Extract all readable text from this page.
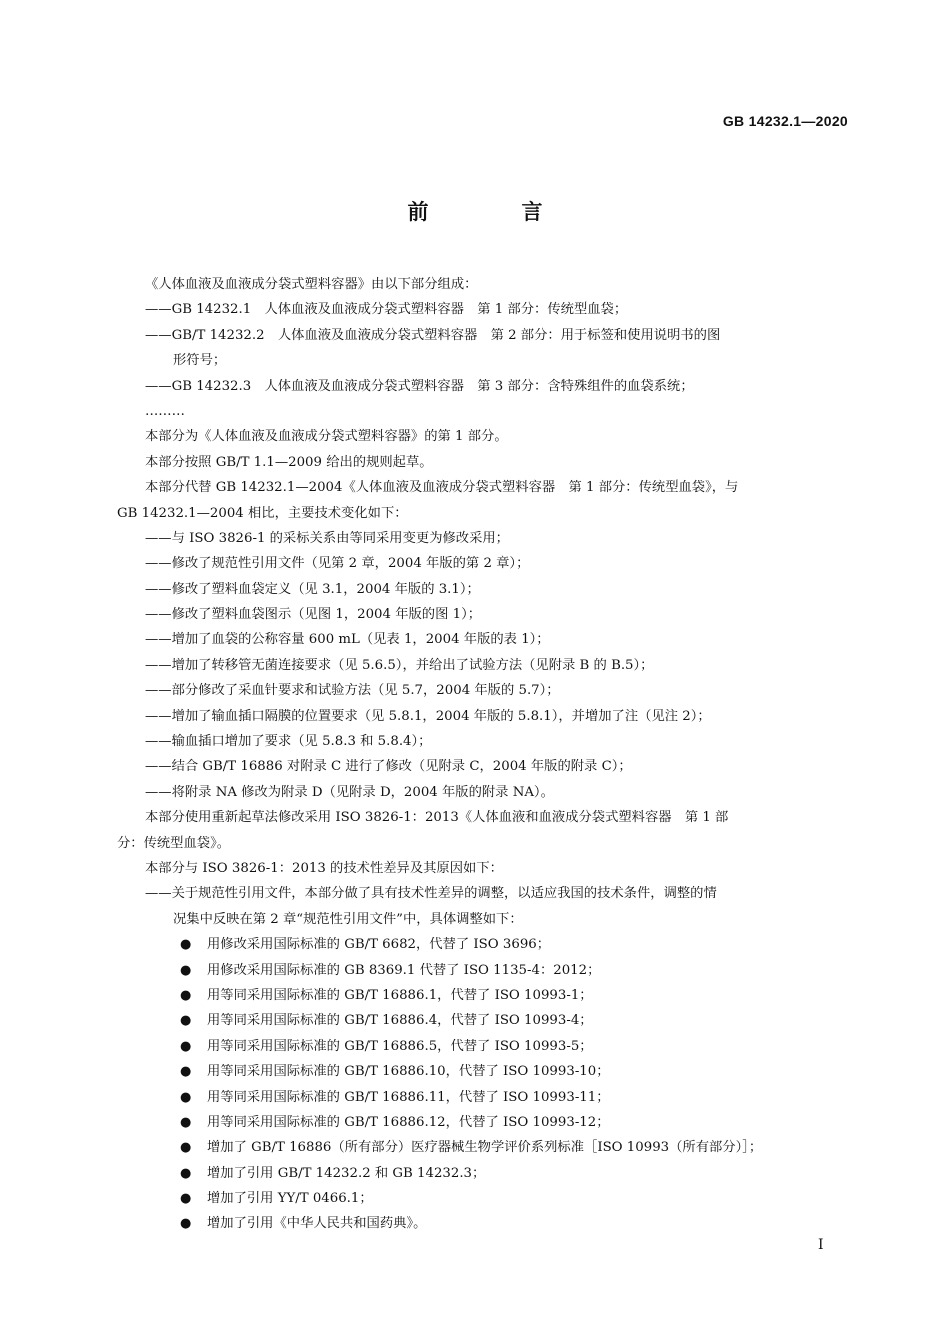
GB 14232.1—2020
前　言
《人体血液及血液成分袋式塑料容器》由以下部分组成：
——GB 14232.1　人体血液及血液成分袋式塑料容器　第 1 部分：传统型血袋；
——GB/T 14232.2　人体血液及血液成分袋式塑料容器　第 2 部分：用于标签和使用说明书的图
形符号；
——GB 14232.3　人体血液及血液成分袋式塑料容器　第 3 部分：含特殊组件的血袋系统；
………
本部分为《人体血液及血液成分袋式塑料容器》的第 1 部分。
本部分按照 GB/T 1.1—2009 给出的规则起草。
本部分代替 GB 14232.1—2004《人体血液及血液成分袋式塑料容器　第 1 部分：传统型血袋》，与
GB 14232.1—2004 相比，主要技术变化如下：
——与 ISO 3826-1 的采标关系由等同采用变更为修改采用；
——修改了规范性引用文件（见第 2 章，2004 年版的第 2 章）；
——修改了塑料血袋定义（见 3.1，2004 年版的 3.1）；
——修改了塑料血袋图示（见图 1，2004 年版的图 1）；
——增加了血袋的公称容量 600 mL（见表 1，2004 年版的表 1）；
——增加了转移管无菌连接要求（见 5.6.5），并给出了试验方法（见附录 B 的 B.5）；
——部分修改了采血针要求和试验方法（见 5.7，2004 年版的 5.7）；
——增加了输血插口隔膜的位置要求（见 5.8.1，2004 年版的 5.8.1），并增加了注（见注 2）；
——输血插口增加了要求（见 5.8.3 和 5.8.4）；
——结合 GB/T 16886 对附录 C 进行了修改（见附录 C，2004 年版的附录 C）；
——将附录 NA 修改为附录 D（见附录 D，2004 年版的附录 NA）。
本部分使用重新起草法修改采用 ISO 3826-1：2013《人体血液和血液成分袋式塑料容器　第 1 部
分：传统型血袋》。
本部分与 ISO 3826-1：2013 的技术性差异及其原因如下：
——关于规范性引用文件，本部分做了具有技术性差异的调整，以适应我国的技术条件，调整的情
况集中反映在第 2 章“规范性引用文件”中，具体调整如下：
● 用修改采用国际标准的 GB/T 6682，代替了 ISO 3696；
● 用修改采用国际标准的 GB 8369.1 代替了 ISO 1135-4：2012；
● 用等同采用国际标准的 GB/T 16886.1，代替了 ISO 10993-1；
● 用等同采用国际标准的 GB/T 16886.4，代替了 ISO 10993-4；
● 用等同采用国际标准的 GB/T 16886.5，代替了 ISO 10993-5；
● 用等同采用国际标准的 GB/T 16886.10，代替了 ISO 10993-10；
● 用等同采用国际标准的 GB/T 16886.11，代替了 ISO 10993-11；
● 用等同采用国际标准的 GB/T 16886.12，代替了 ISO 10993-12；
● 增加了 GB/T 16886（所有部分）医疗器械生物学评价系列标准［ISO 10993（所有部分）］；
● 增加了引用 GB/T 14232.2 和 GB 14232.3；
● 增加了引用 YY/T 0466.1；
● 增加了引用《中华人民共和国药典》。
I
